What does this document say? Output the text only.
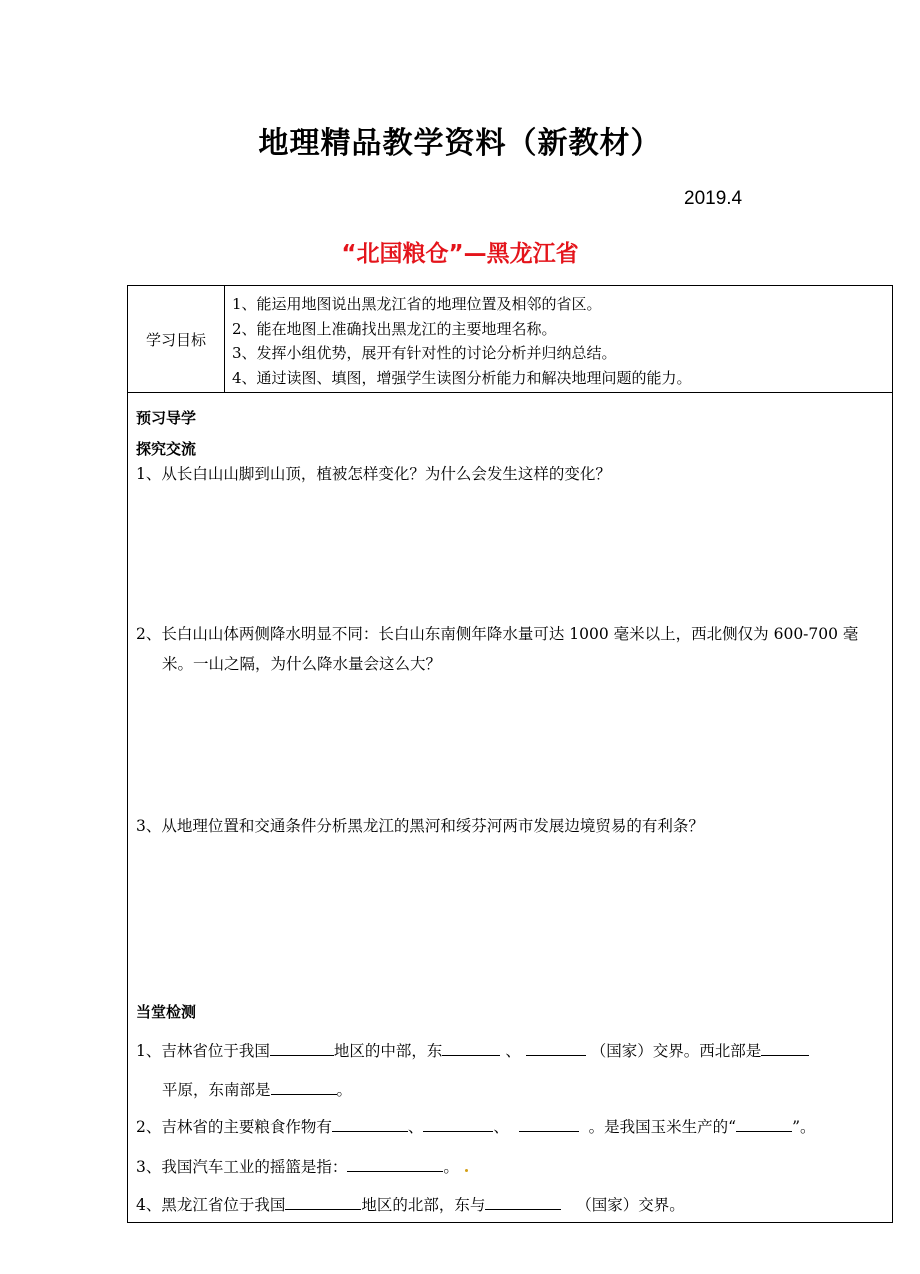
地理精品教学资料（新教材）
2019.4
“北国粮仓”—黑龙江省
学习目标
1、能运用地图说出黑龙江省的地理位置及相邻的省区。
2、能在地图上准确找出黑龙江的主要地理名称。
3、发挥小组优势，展开有针对性的讨论分析并归纳总结。
4、通过读图、填图，增强学生读图分析能力和解决地理问题的能力。
预习导学
探究交流

1、从长白山山脚到山顶，植被怎样变化？为什么会发生这样的变化？

2、长白山山体两侧降水明显不同：长白山东南侧年降水量可达 1000 毫米以上，西北侧仅为 600-700 毫米。一山之隔，为什么降水量会这么大？

3、从地理位置和交通条件分析黑龙江的黑河和绥芬河两市发展边境贸易的有利条？

当堂检测

1、吉林省位于我国	地区的中部，东	、	（国家）交界。西北部是

平原，东南部是	。

2、吉林省的主要粮食作物有	、	、	。是我国玉米生产的“	”。

3、我国汽车工业的摇篮是指：	。

4、黑龙江省位于我国	地区的北部，东与	（国家）交界。
